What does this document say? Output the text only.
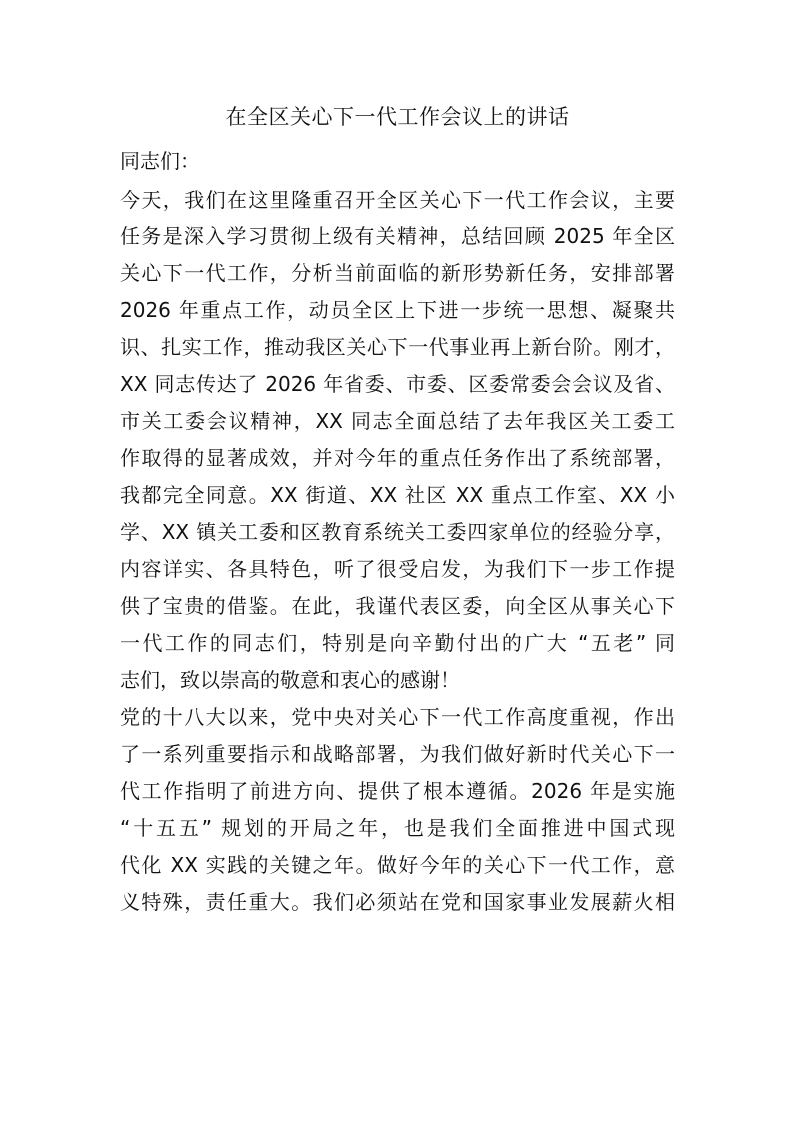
在全区关心下一代工作会议上的讲话

同志们：

今天，我们在这里隆重召开全区关心下一代工作会议，主要

任务是深入学习贯彻上级有关精神，总结回顾 2025 年全区

关心下一代工作，分析当前面临的新形势新任务，安排部署

2026 年重点工作，动员全区上下进一步统一思想、凝聚共

识、扎实工作，推动我区关心下一代事业再上新台阶。刚才，

XX 同志传达了 2026 年省委、市委、区委常委会会议及省、

市关工委会议精神，XX 同志全面总结了去年我区关工委工

作取得的显著成效，并对今年的重点任务作出了系统部署，

我都完全同意。XX 街道、XX 社区 XX 重点工作室、XX 小

学、XX 镇关工委和区教育系统关工委四家单位的经验分享，

内容详实、各具特色，听了很受启发，为我们下一步工作提

供了宝贵的借鉴。在此，我谨代表区委，向全区从事关心下

一代工作的同志们，特别是向辛勤付出的广大 “五老” 同

志们，致以崇高的敬意和衷心的感谢！

党的十八大以来，党中央对关心下一代工作高度重视，作出

了一系列重要指示和战略部署，为我们做好新时代关心下一

代工作指明了前进方向、提供了根本遵循。2026 年是实施

“十五五” 规划的开局之年，也是我们全面推进中国式现

代化 XX 实践的关键之年。做好今年的关心下一代工作，意

义特殊，责任重大。我们必须站在党和国家事业发展薪火相
